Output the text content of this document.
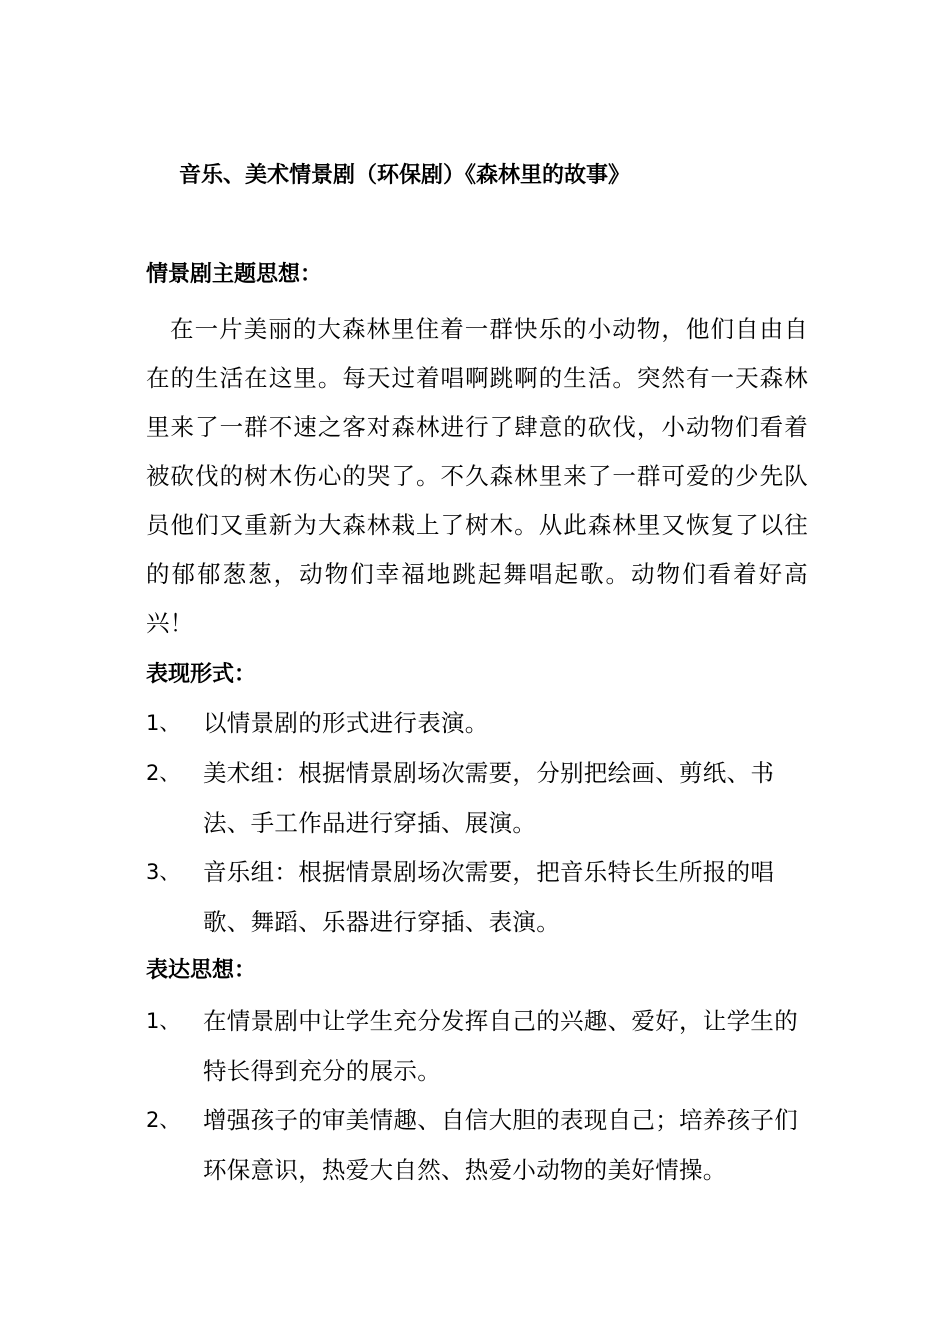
音乐、美术情景剧（环保剧）《森林里的故事》
情景剧主题思想：
在一片美丽的大森林里住着一群快乐的小动物，他们自由自在的生活在这里。每天过着唱啊跳啊的生活。突然有一天森林里来了一群不速之客对森林进行了肆意的砍伐，小动物们看着被砍伐的树木伤心的哭了。不久森林里来了一群可爱的少先队员他们又重新为大森林栽上了树木。从此森林里又恢复了以往的郁郁葱葱，动物们幸福地跳起舞唱起歌。动物们看着好高兴！
表现形式：
1、 以情景剧的形式进行表演。
2、 美术组：根据情景剧场次需要，分别把绘画、剪纸、书法、手工作品进行穿插、展演。
3、 音乐组：根据情景剧场次需要，把音乐特长生所报的唱歌、舞蹈、乐器进行穿插、表演。
表达思想：
1、 在情景剧中让学生充分发挥自己的兴趣、爱好，让学生的特长得到充分的展示。
2、 增强孩子的审美情趣、自信大胆的表现自己；培养孩子们环保意识，热爱大自然、热爱小动物的美好情操。
